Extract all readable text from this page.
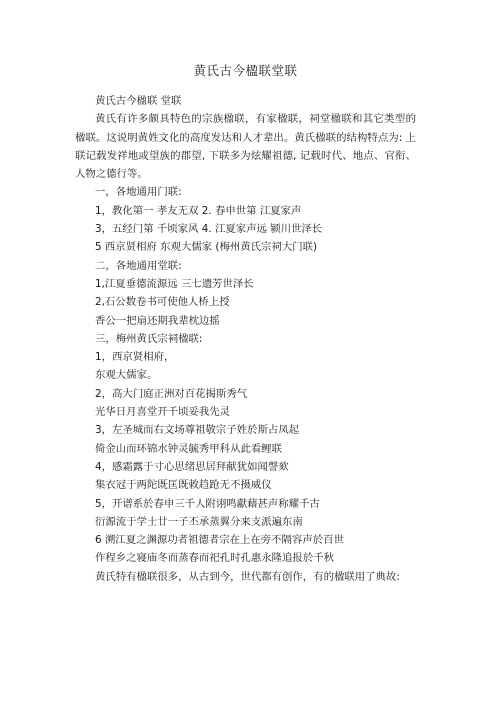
黄氏古今楹联堂联

黄氏古今楹联 堂联

黄氏有许多颇具特色的宗族楹联，有家楹联，祠堂楹联和其它类型的楹联。这说明黄姓文化的高度发达和人才辈出。黄氏楹联的结构特点为: 上联记载发祥地或望族的郡望, 下联多为炫耀祖德, 记载时代、地点、官衔、人物之德行等。

一，各地通用门联:

1，教化第一 孝友无双 2. 春申世第 江夏家声

3，五经门第 千顷家风 4. 江夏家声远 颍川世泽长

5 西京贤相府 东观大儒家 (梅州黄氏宗祠大门联)

二，各地通用堂联:

1,江夏垂德流源远 三七遗芳世泽长

2,石公数卷书可使他人桥上授

香公一把扇还期我辈枕边摇

三，梅州黄氏宗祠楹联:

1，西京贤相府，

东观大儒家。

2，高大门庭正洲对百花揭斯秀气

光华日月喜堂开千顷妥我先灵

3，左圣城而右文场尊祖敬宗子姓於斯占凤起

倚金山而环锦水钟灵毓秀甲科从此看鲤联

4，感霜露于寸心思绪思居拜献犹如闻謦欬

集衣冠于两陀既匡既敕趋跄无不摄威仪

5，开谱系於春申三千人附诩鸣獻藉甚声称耀千古

衍源流于学士廿一子丕承蒸翼分来支派遍东南

6 溯江夏之渊源功者祖德者宗在上在旁不隔容声於百世

作程乡之寝庙冬而蒸春而祀孔时孔惠永隆追报於千秋

黄氏特有楹联很多，从古到今，世代都有创作，有的楹联用了典故:
